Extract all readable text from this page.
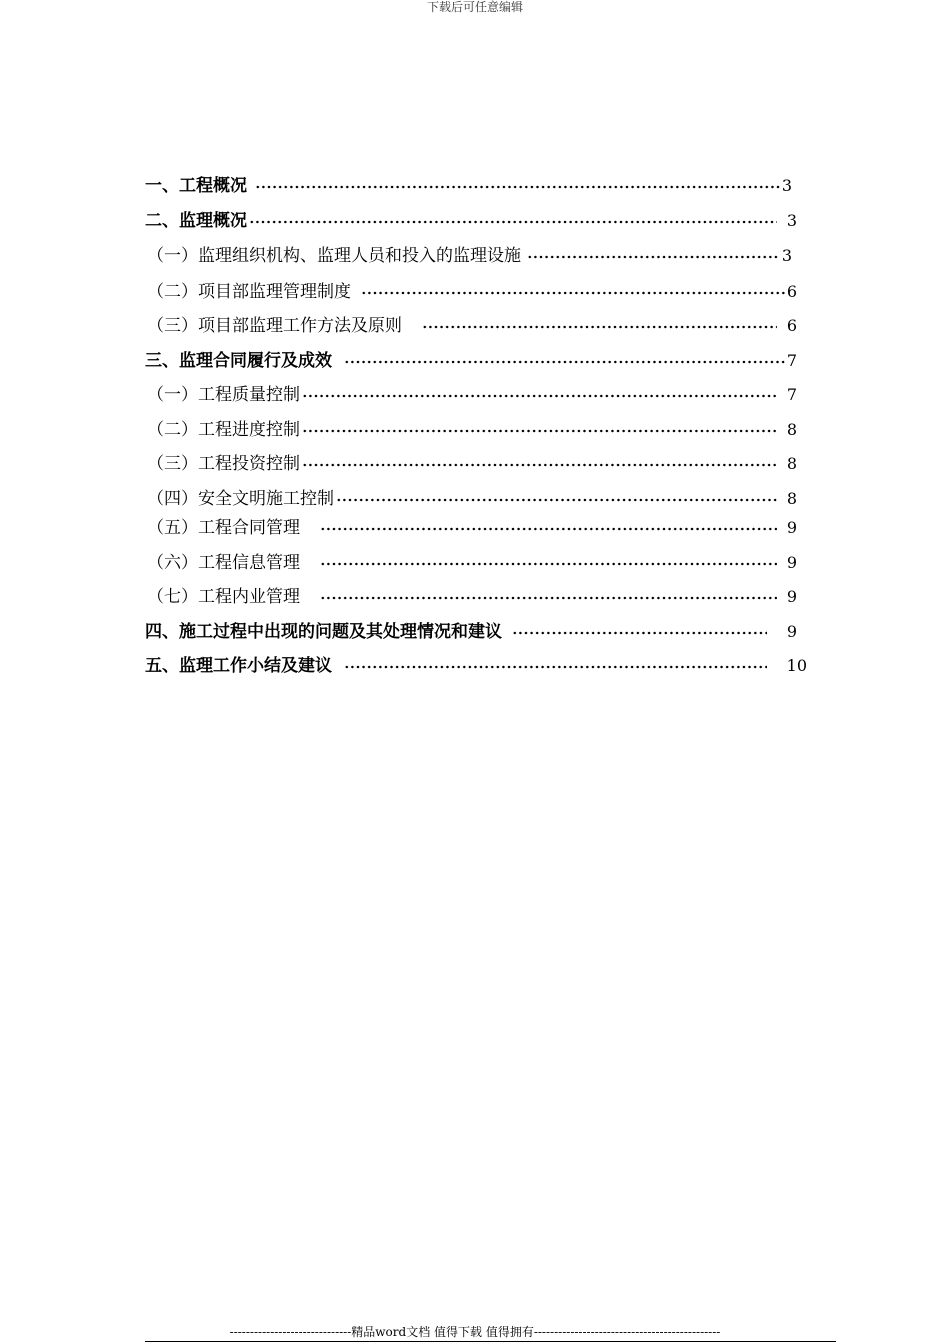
下载后可任意编辑
一、工程概况	3
二、监理概况	3
（一）监理组织机构、监理人员和投入的监理设施	3
（二）项目部监理管理制度	6
（三）项目部监理工作方法及原则	6
三、监理合同履行及成效	7
（一）工程质量控制	7
（二）工程进度控制	8
（三）工程投资控制	8
（四）安全文明施工控制	8
（五）工程合同管理	9
（六）工程信息管理	9
（七）工程内业管理	9
四、施工过程中出现的问题及其处理情况和建议	9
五、监理工作小结及建议	10
------------------------------精品word文档 值得下载 值得拥有----------------------------------------------
